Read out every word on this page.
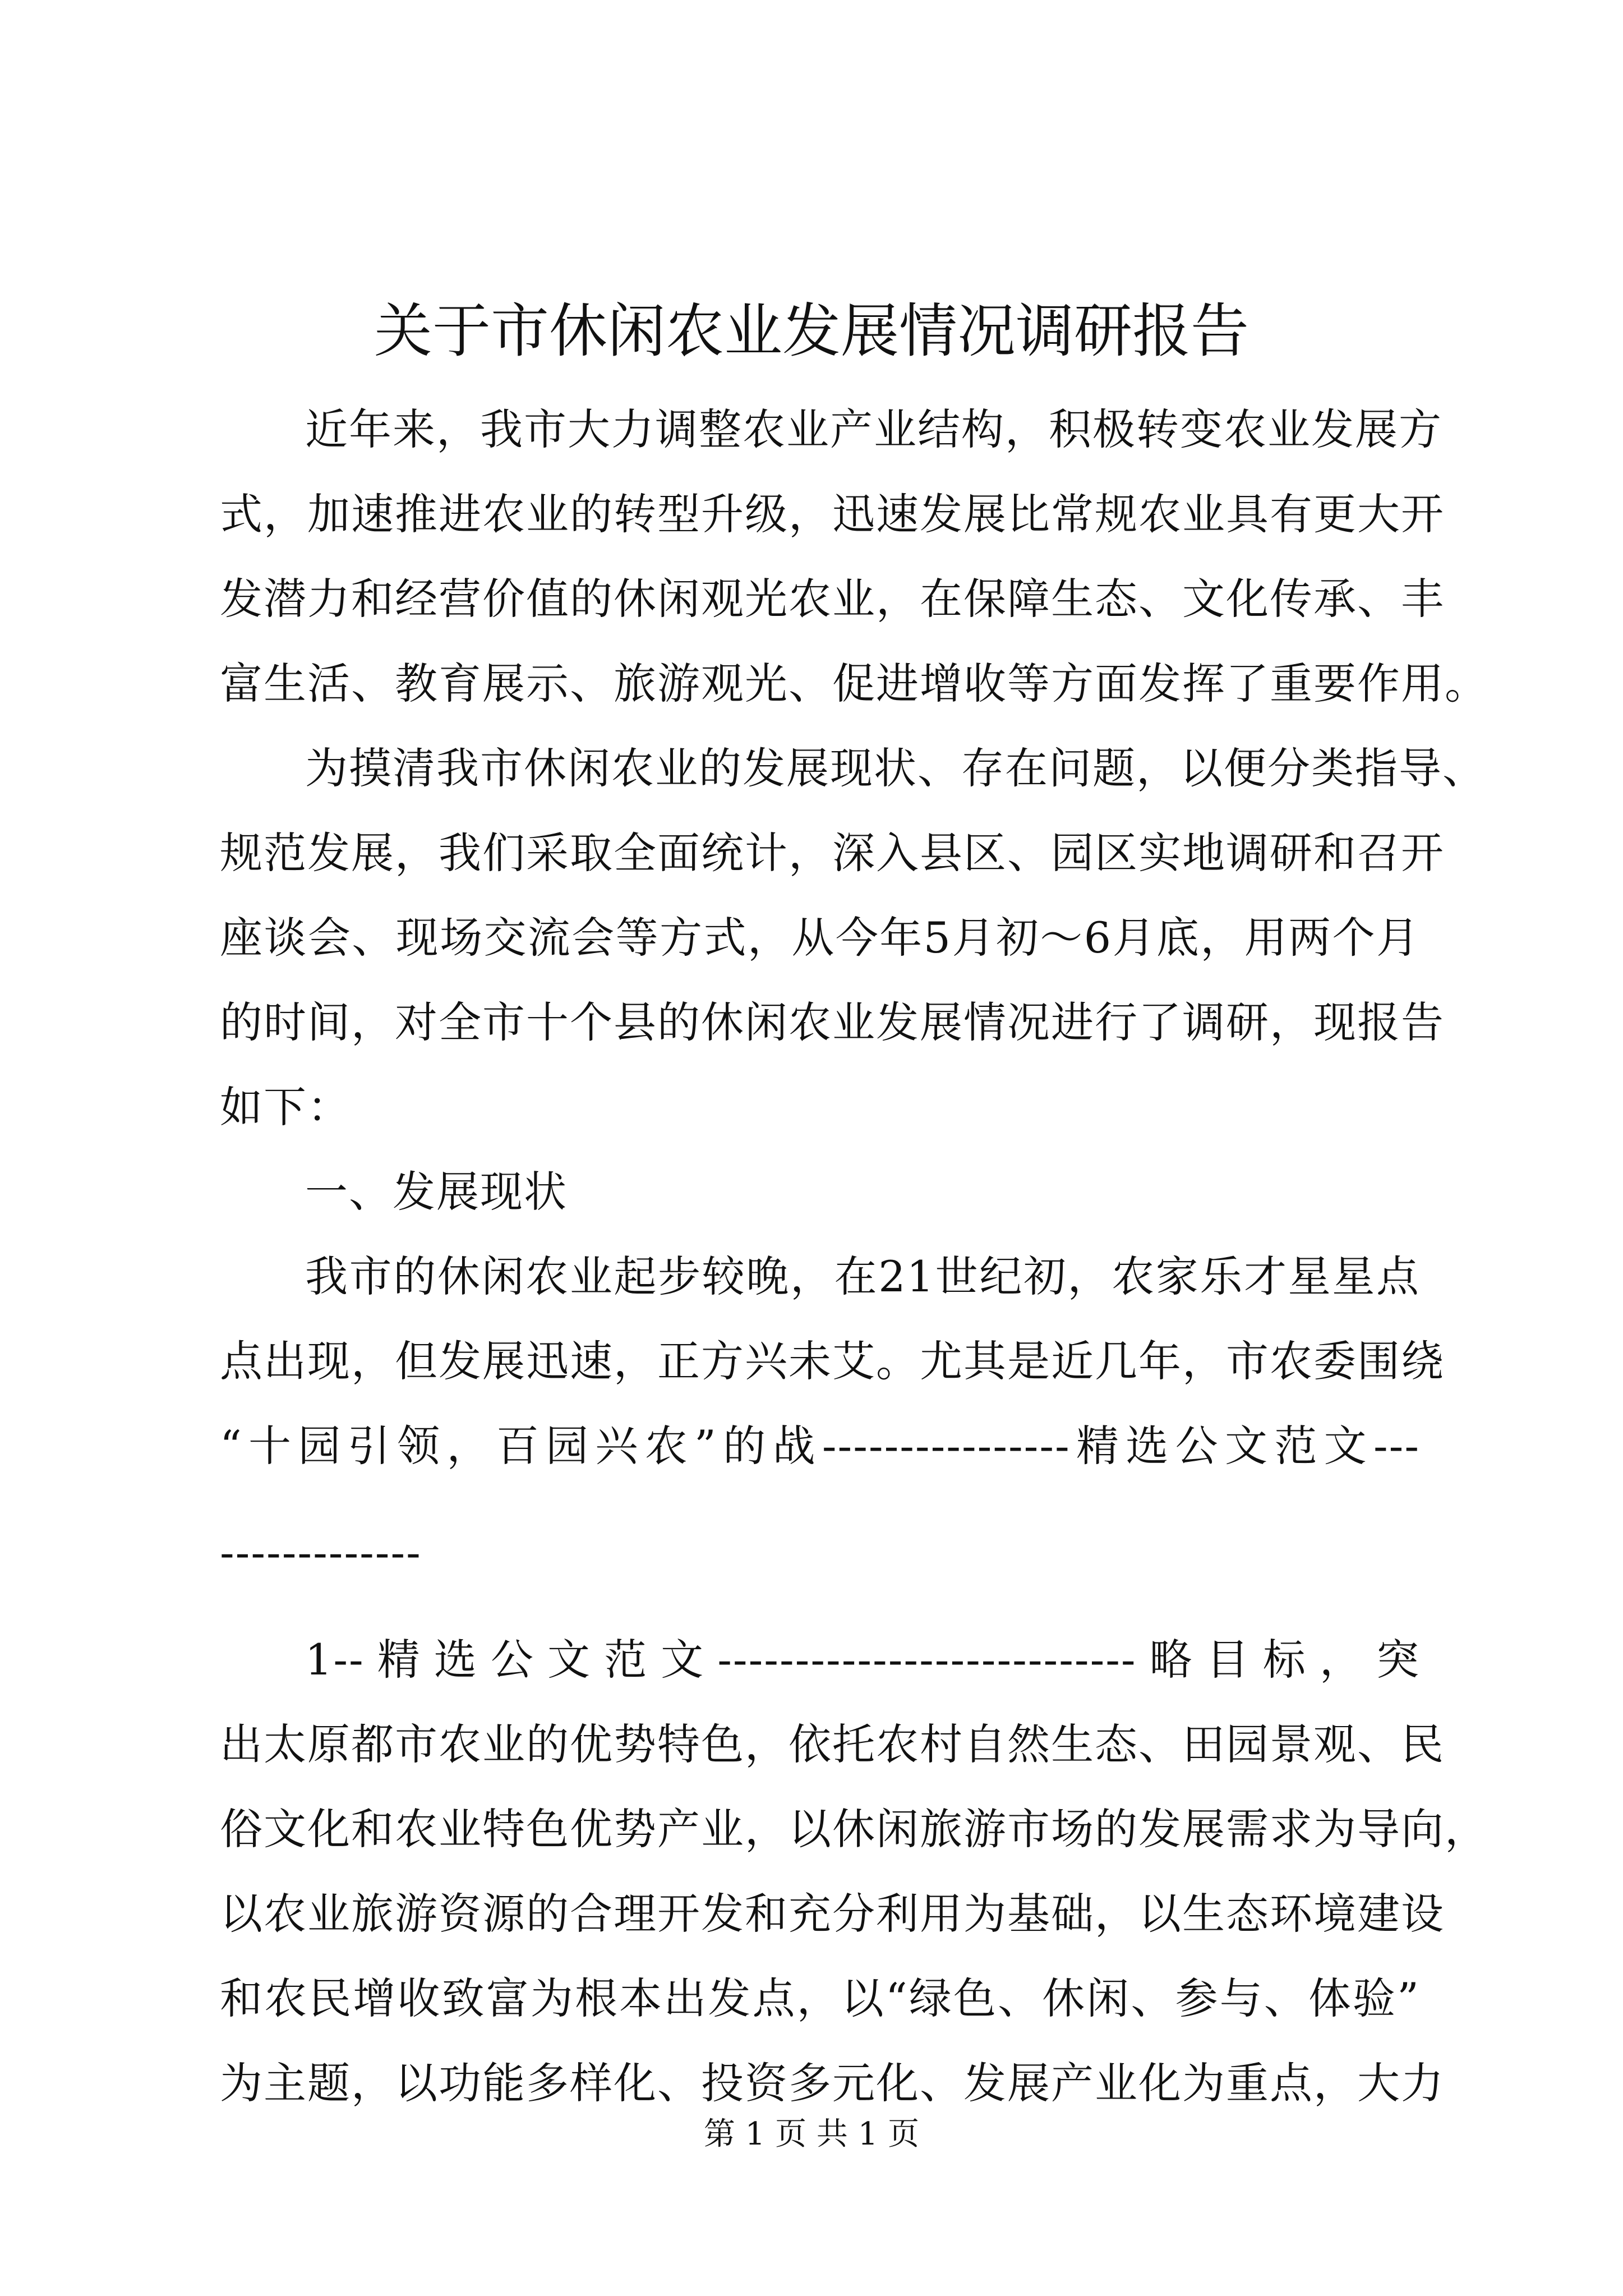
关于市休闲农业发展情况调研报告
近年来，我市大力调整农业产业结构，积极转变农业发展方
式，加速推进农业的转型升级，迅速发展比常规农业具有更大开
发潜力和经营价值的休闲观光农业，在保障生态、文化传承、丰
富生活、教育展示、旅游观光、促进增收等方面发挥了重要作用。
为摸清我市休闲农业的发展现状、存在问题，以便分类指导、
规范发展，我们采取全面统计，深入县区、园区实地调研和召开
座谈会、现场交流会等方式，从今年5月初～6月底，用两个月
的时间，对全市十个县的休闲农业发展情况进行了调研，现报告
如下：
一、发展现状
我市的休闲农业起步较晚，在21世纪初，农家乐才星星点
点出现，但发展迅速，正方兴未艾。尤其是近几年，市农委围绕
“十园引领，百园兴农”的战----------------精选公文范文---
-------------
1--精选公文范文---------------------------略目标，突
出太原都市农业的优势特色，依托农村自然生态、田园景观、民
俗文化和农业特色优势产业，以休闲旅游市场的发展需求为导向，
以农业旅游资源的合理开发和充分利用为基础，以生态环境建设
和农民增收致富为根本出发点，以“绿色、休闲、参与、体验”
为主题，以功能多样化、投资多元化、发展产业化为重点，大力
第 1 页 共 1 页
